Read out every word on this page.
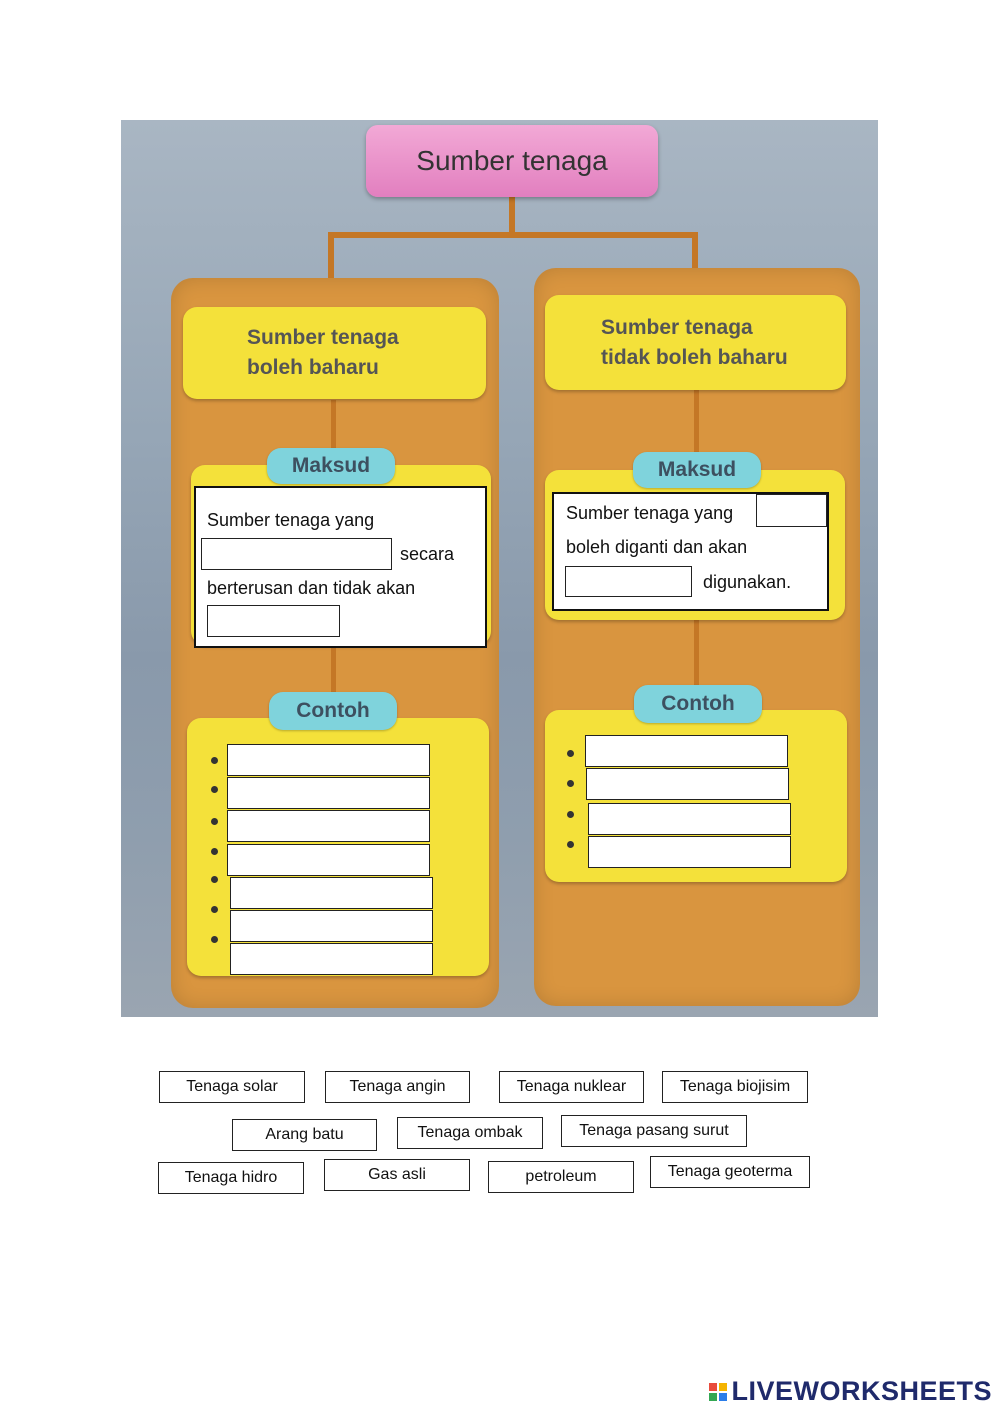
Sumber tenaga
Sumber tenaga
boleh baharu
Sumber tenaga
tidak boleh baharu
Maksud	Maksud
Contoh	Contoh
Sumber tenaga yang
secara
berterusan dan tidak akan
Sumber tenaga yang
boleh diganti dan akan
digunakan.
Tenaga solar	Tenaga angin	Tenaga nuklear	Tenaga biojisim
Arang batu	Tenaga ombak	Tenaga pasang surut
Tenaga hidro	Gas asli	petroleum	Tenaga geoterma
LIVEWORKSHEETS
